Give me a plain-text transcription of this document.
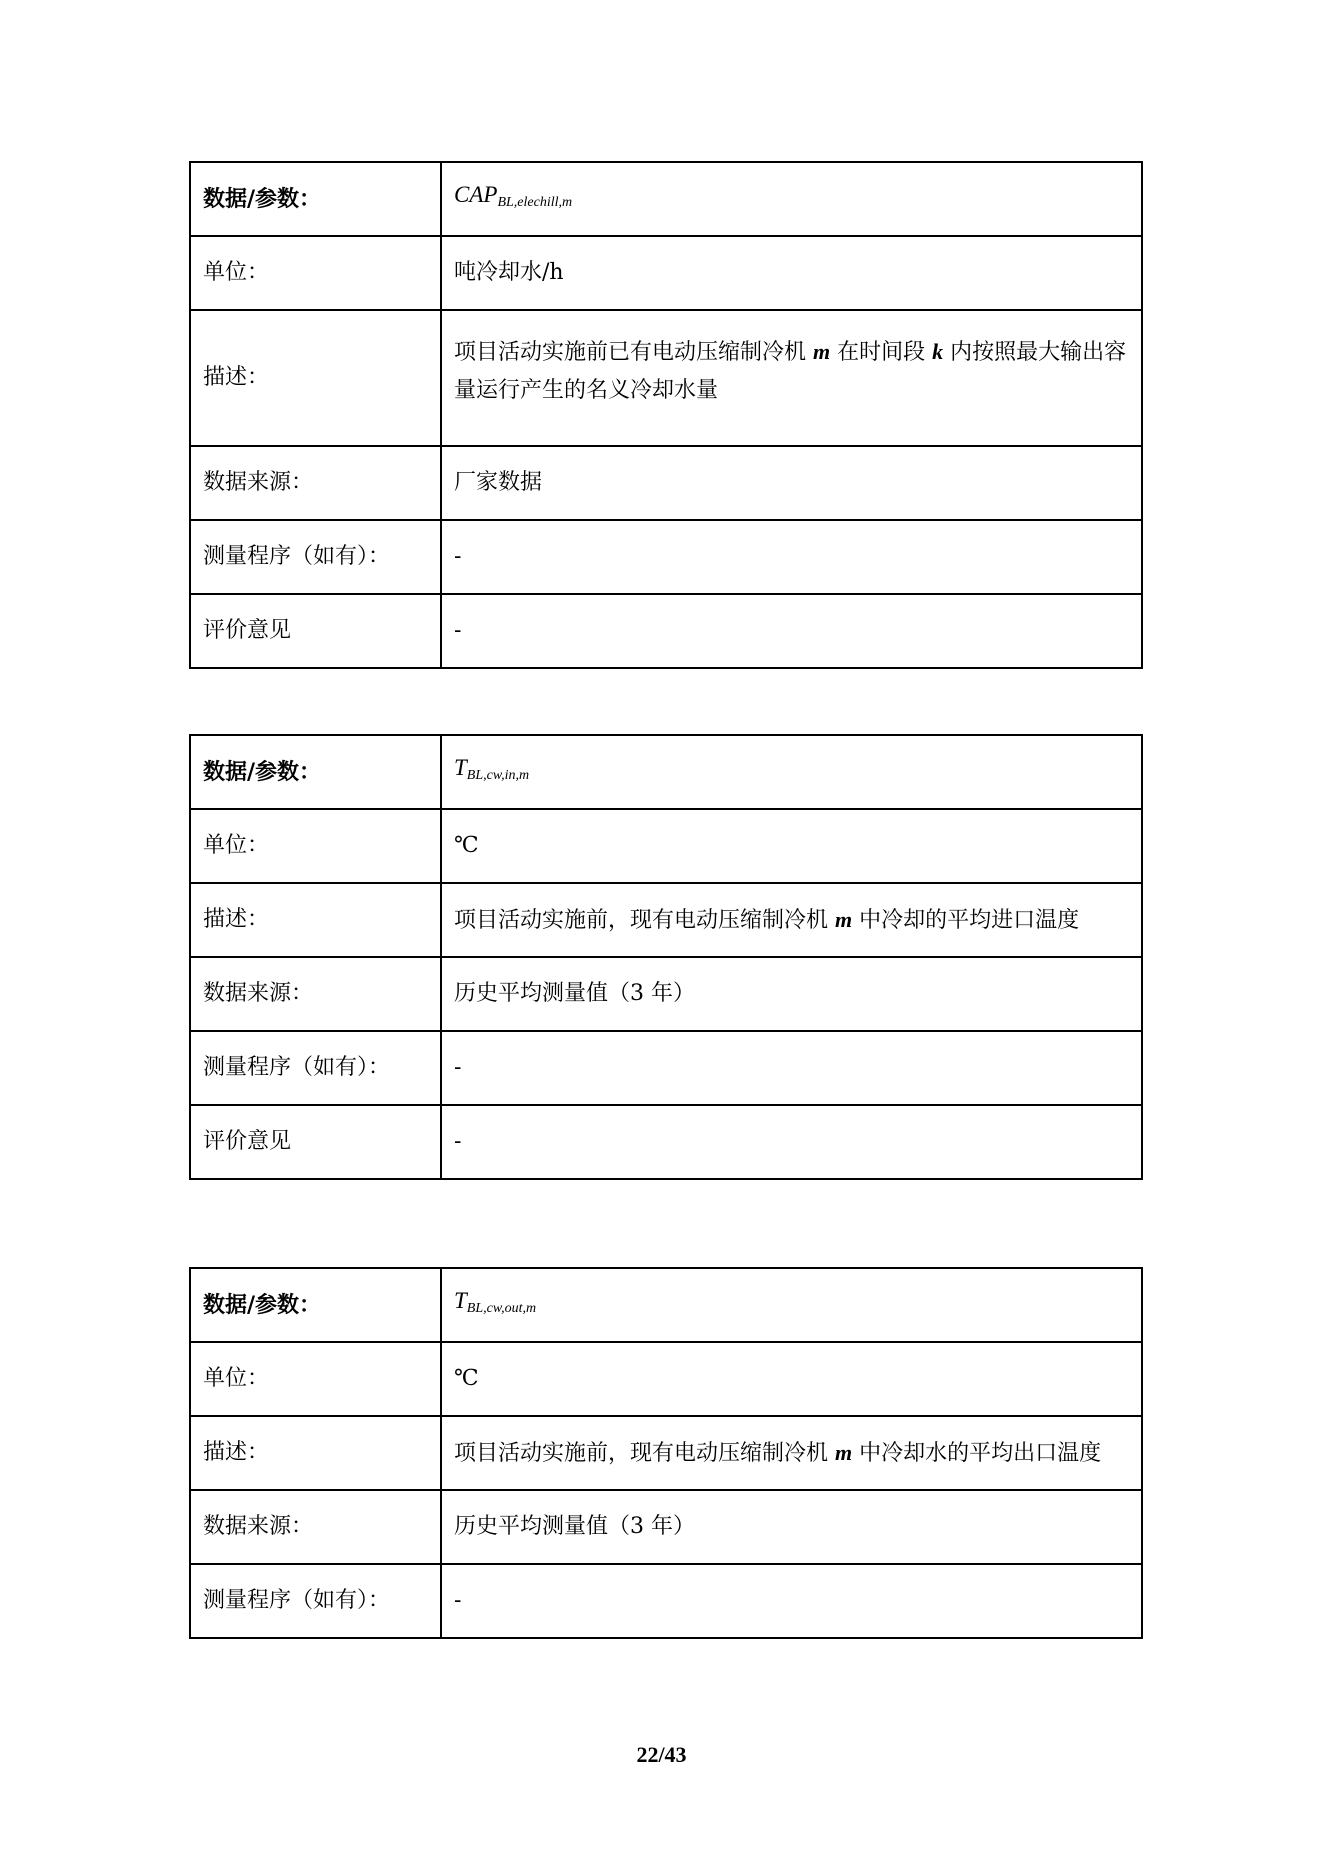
数据/参数：	$CAP_{BL,elechill,m}$
单位：	吨冷却水/h
描述：	项目活动实施前已有电动压缩制冷机 m 在时间段 k 内按照最大输出容量运行产生的名义冷却水量
数据来源：	厂家数据
测量程序（如有）：	-
评价意见	-
数据/参数：	$T_{BL,cw,in,m}$
单位：	℃
描述：	项目活动实施前，现有电动压缩制冷机 m 中冷却的平均进口温度
数据来源：	历史平均测量值（3 年）
测量程序（如有）：	-
评价意见	-
数据/参数：	$T_{BL,cw,out,m}$
单位：	℃
描述：	项目活动实施前，现有电动压缩制冷机 m 中冷却水的平均出口温度
数据来源：	历史平均测量值（3 年）
测量程序（如有）：	-
22/43
